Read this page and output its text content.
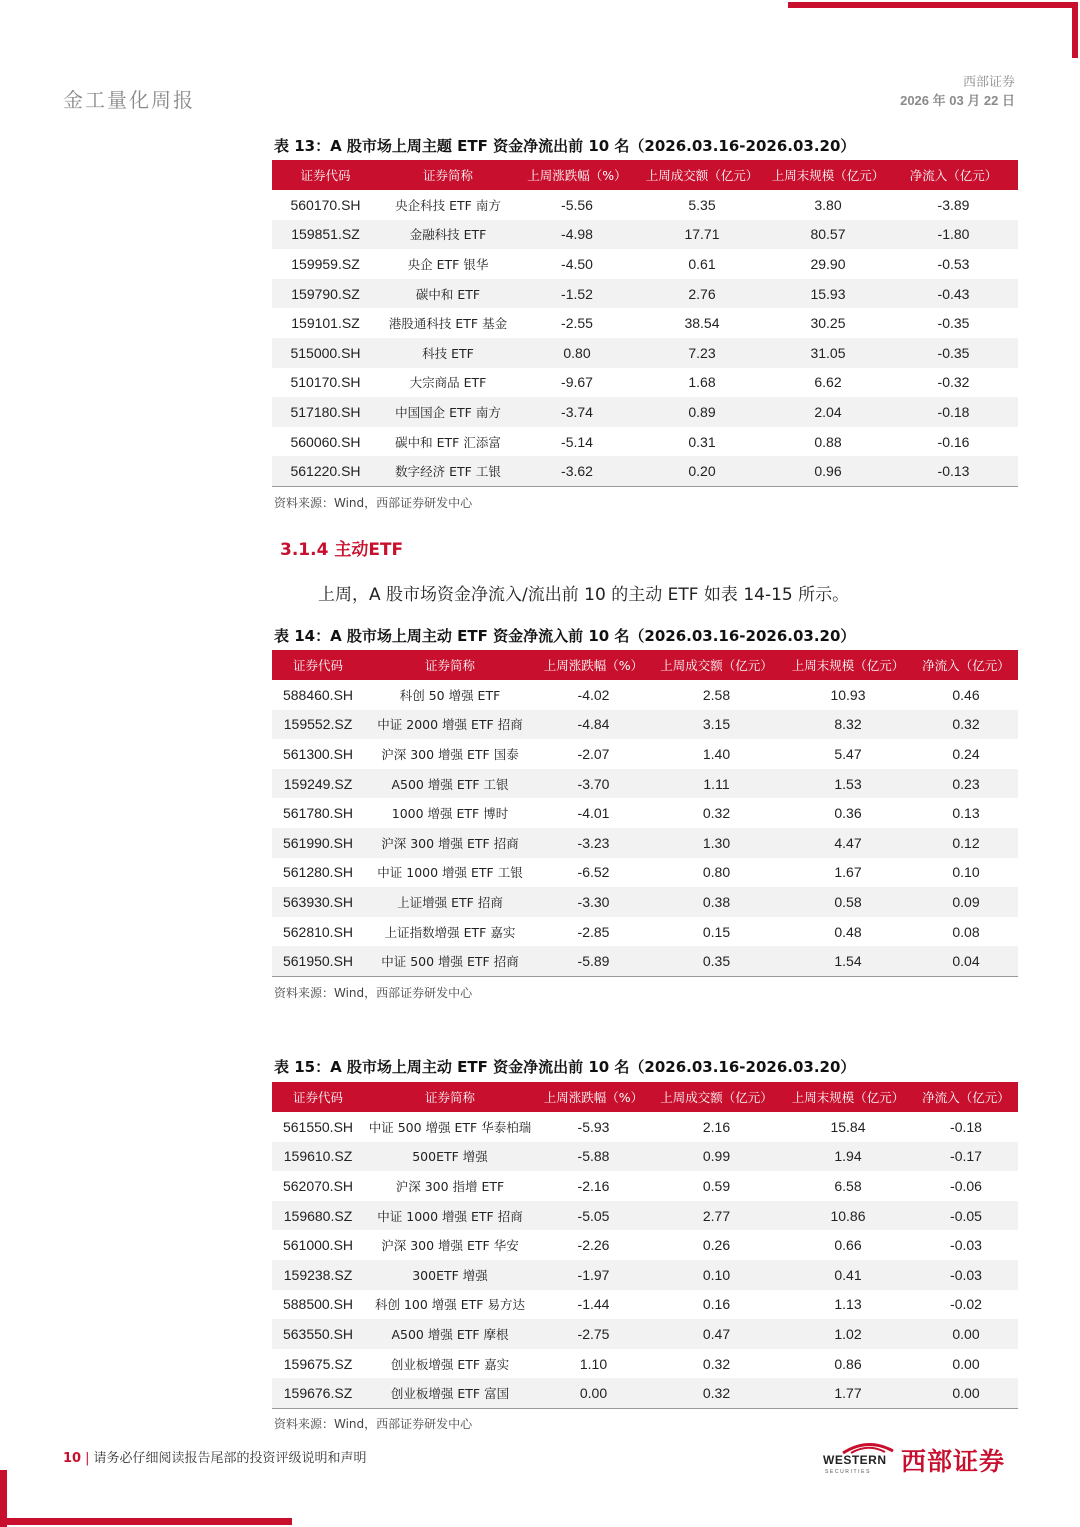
金工量化周报
西部证券
2026 年 03 月 22 日
表 13：A 股市场上周主题 ETF 资金净流出前 10 名（2026.03.16-2026.03.20）
证券代码	证券简称	上周涨跌幅（%）	上周成交额（亿元）	上周末规模（亿元）	净流入（亿元）
560170.SH	央企科技 ETF 南方	-5.56	5.35	3.80	-3.89
159851.SZ	金融科技 ETF	-4.98	17.71	80.57	-1.80
159959.SZ	央企 ETF 银华	-4.50	0.61	29.90	-0.53
159790.SZ	碳中和 ETF	-1.52	2.76	15.93	-0.43
159101.SZ	港股通科技 ETF 基金	-2.55	38.54	30.25	-0.35
515000.SH	科技 ETF	0.80	7.23	31.05	-0.35
510170.SH	大宗商品 ETF	-9.67	1.68	6.62	-0.32
517180.SH	中国国企 ETF 南方	-3.74	0.89	2.04	-0.18
560060.SH	碳中和 ETF 汇添富	-5.14	0.31	0.88	-0.16
561220.SH	数字经济 ETF 工银	-3.62	0.20	0.96	-0.13
资料来源：Wind，西部证券研发中心
3.1.4 主动ETF
上周，A 股市场资金净流入/流出前 10 的主动 ETF 如表 14-15 所示。
表 14：A 股市场上周主动 ETF 资金净流入前 10 名（2026.03.16-2026.03.20）
证券代码	证券简称	上周涨跌幅（%）	上周成交额（亿元）	上周末规模（亿元）	净流入（亿元）
588460.SH	科创 50 增强 ETF	-4.02	2.58	10.93	0.46
159552.SZ	中证 2000 增强 ETF 招商	-4.84	3.15	8.32	0.32
561300.SH	沪深 300 增强 ETF 国泰	-2.07	1.40	5.47	0.24
159249.SZ	A500 增强 ETF 工银	-3.70	1.11	1.53	0.23
561780.SH	1000 增强 ETF 博时	-4.01	0.32	0.36	0.13
561990.SH	沪深 300 增强 ETF 招商	-3.23	1.30	4.47	0.12
561280.SH	中证 1000 增强 ETF 工银	-6.52	0.80	1.67	0.10
563930.SH	上证增强 ETF 招商	-3.30	0.38	0.58	0.09
562810.SH	上证指数增强 ETF 嘉实	-2.85	0.15	0.48	0.08
561950.SH	中证 500 增强 ETF 招商	-5.89	0.35	1.54	0.04
资料来源：Wind，西部证券研发中心
表 15：A 股市场上周主动 ETF 资金净流出前 10 名（2026.03.16-2026.03.20）
证券代码	证券简称	上周涨跌幅（%）	上周成交额（亿元）	上周末规模（亿元）	净流入（亿元）
561550.SH	中证 500 增强 ETF 华泰柏瑞	-5.93	2.16	15.84	-0.18
159610.SZ	500ETF 增强	-5.88	0.99	1.94	-0.17
562070.SH	沪深 300 指增 ETF	-2.16	0.59	6.58	-0.06
159680.SZ	中证 1000 增强 ETF 招商	-5.05	2.77	10.86	-0.05
561000.SH	沪深 300 增强 ETF 华安	-2.26	0.26	0.66	-0.03
159238.SZ	300ETF 增强	-1.97	0.10	0.41	-0.03
588500.SH	科创 100 增强 ETF 易方达	-1.44	0.16	1.13	-0.02
563550.SH	A500 增强 ETF 摩根	-2.75	0.47	1.02	0.00
159675.SZ	创业板增强 ETF 嘉实	1.10	0.32	0.86	0.00
159676.SZ	创业板增强 ETF 富国	0.00	0.32	1.77	0.00
资料来源：Wind，西部证券研发中心
10 | 请务必仔细阅读报告尾部的投资评级说明和声明	WESTERN
SECURITIES 西部证券
